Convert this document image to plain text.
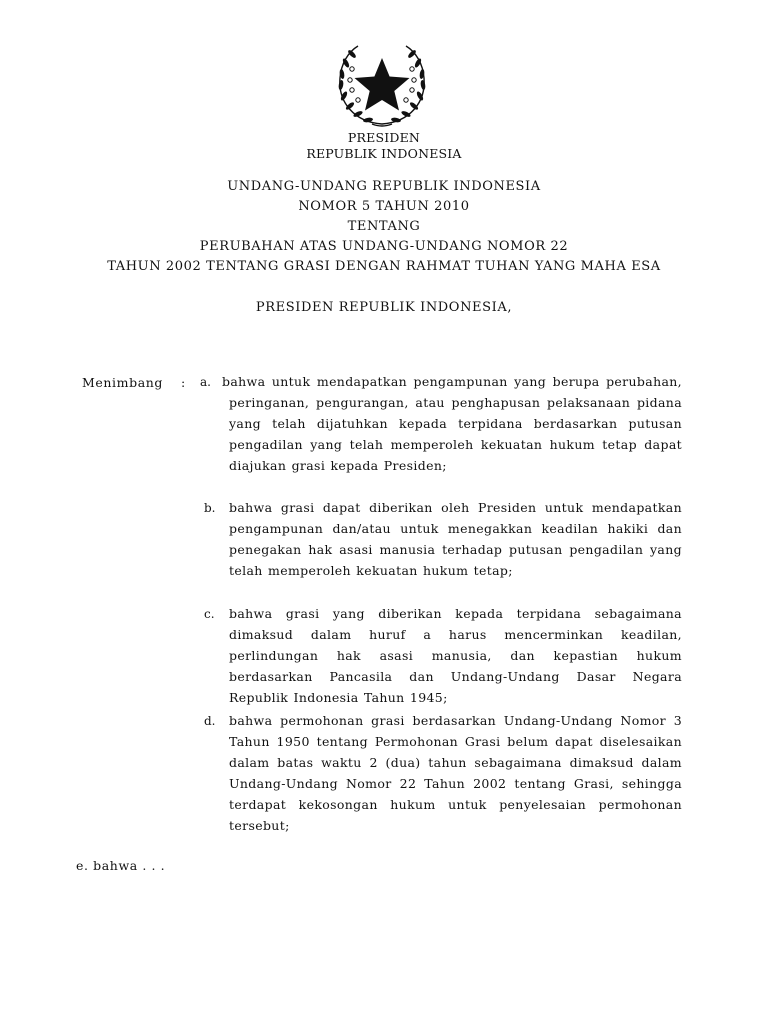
PRESIDEN
REPUBLIK INDONESIA
UNDANG-UNDANG REPUBLIK INDONESIA
NOMOR 5 TAHUN 2010
TENTANG
PERUBAHAN ATAS UNDANG-UNDANG NOMOR 22
TAHUN 2002 TENTANG GRASI DENGAN RAHMAT TUHAN YANG MAHA ESA
PRESIDEN REPUBLIK INDONESIA,
Menimbang : a. bahwa untuk mendapatkan pengampunan yang berupa perubahan, peringanan, pengurangan, atau penghapusan pelaksanaan pidana yang telah dijatuhkan kepada terpidana berdasarkan putusan pengadilan yang telah memperoleh kekuatan hukum tetap dapat diajukan grasi kepada Presiden;
b. bahwa grasi dapat diberikan oleh Presiden untuk mendapatkan pengampunan dan/atau untuk menegakkan keadilan hakiki dan penegakan hak asasi manusia terhadap putusan pengadilan yang telah memperoleh kekuatan hukum tetap;
c. bahwa grasi yang diberikan kepada terpidana sebagaimana dimaksud dalam huruf a harus mencerminkan keadilan, perlindungan hak asasi manusia, dan kepastian hukum berdasarkan Pancasila dan Undang-Undang Dasar Negara Republik Indonesia Tahun 1945;
d. bahwa permohonan grasi berdasarkan Undang-Undang Nomor 3 Tahun 1950 tentang Permohonan Grasi belum dapat diselesaikan dalam batas waktu 2 (dua) tahun sebagaimana dimaksud dalam Undang-Undang Nomor 22 Tahun 2002 tentang Grasi, sehingga terdapat kekosongan hukum untuk penyelesaian permohonan tersebut;
e. bahwa . . .
